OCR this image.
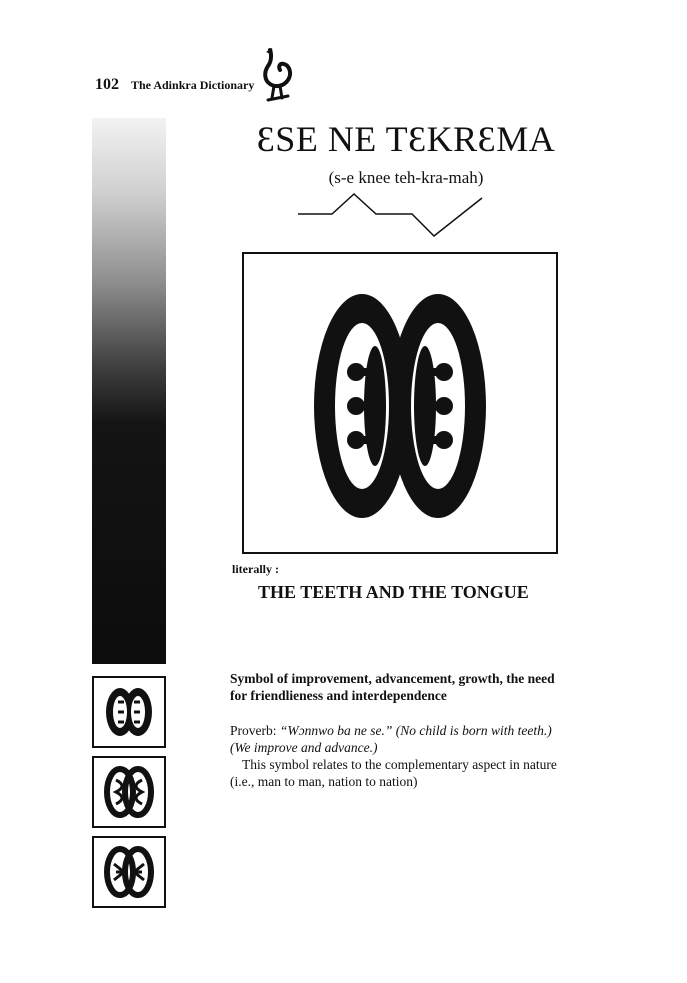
102 The Adinkra Dictionary
ƐSE NE TƐKRƐMA
(s-e knee teh-kra-mah)
literally :
THE TEETH AND THE TONGUE
Symbol of improvement, advancement, growth, the need for friendlieness and interdependence

Proverb: “Wɔnnwo ba ne se.” (No child is born with teeth.) (We improve and advance.)

This symbol relates to the complementary aspect in nature (i.e., man to man, nation to nation)
